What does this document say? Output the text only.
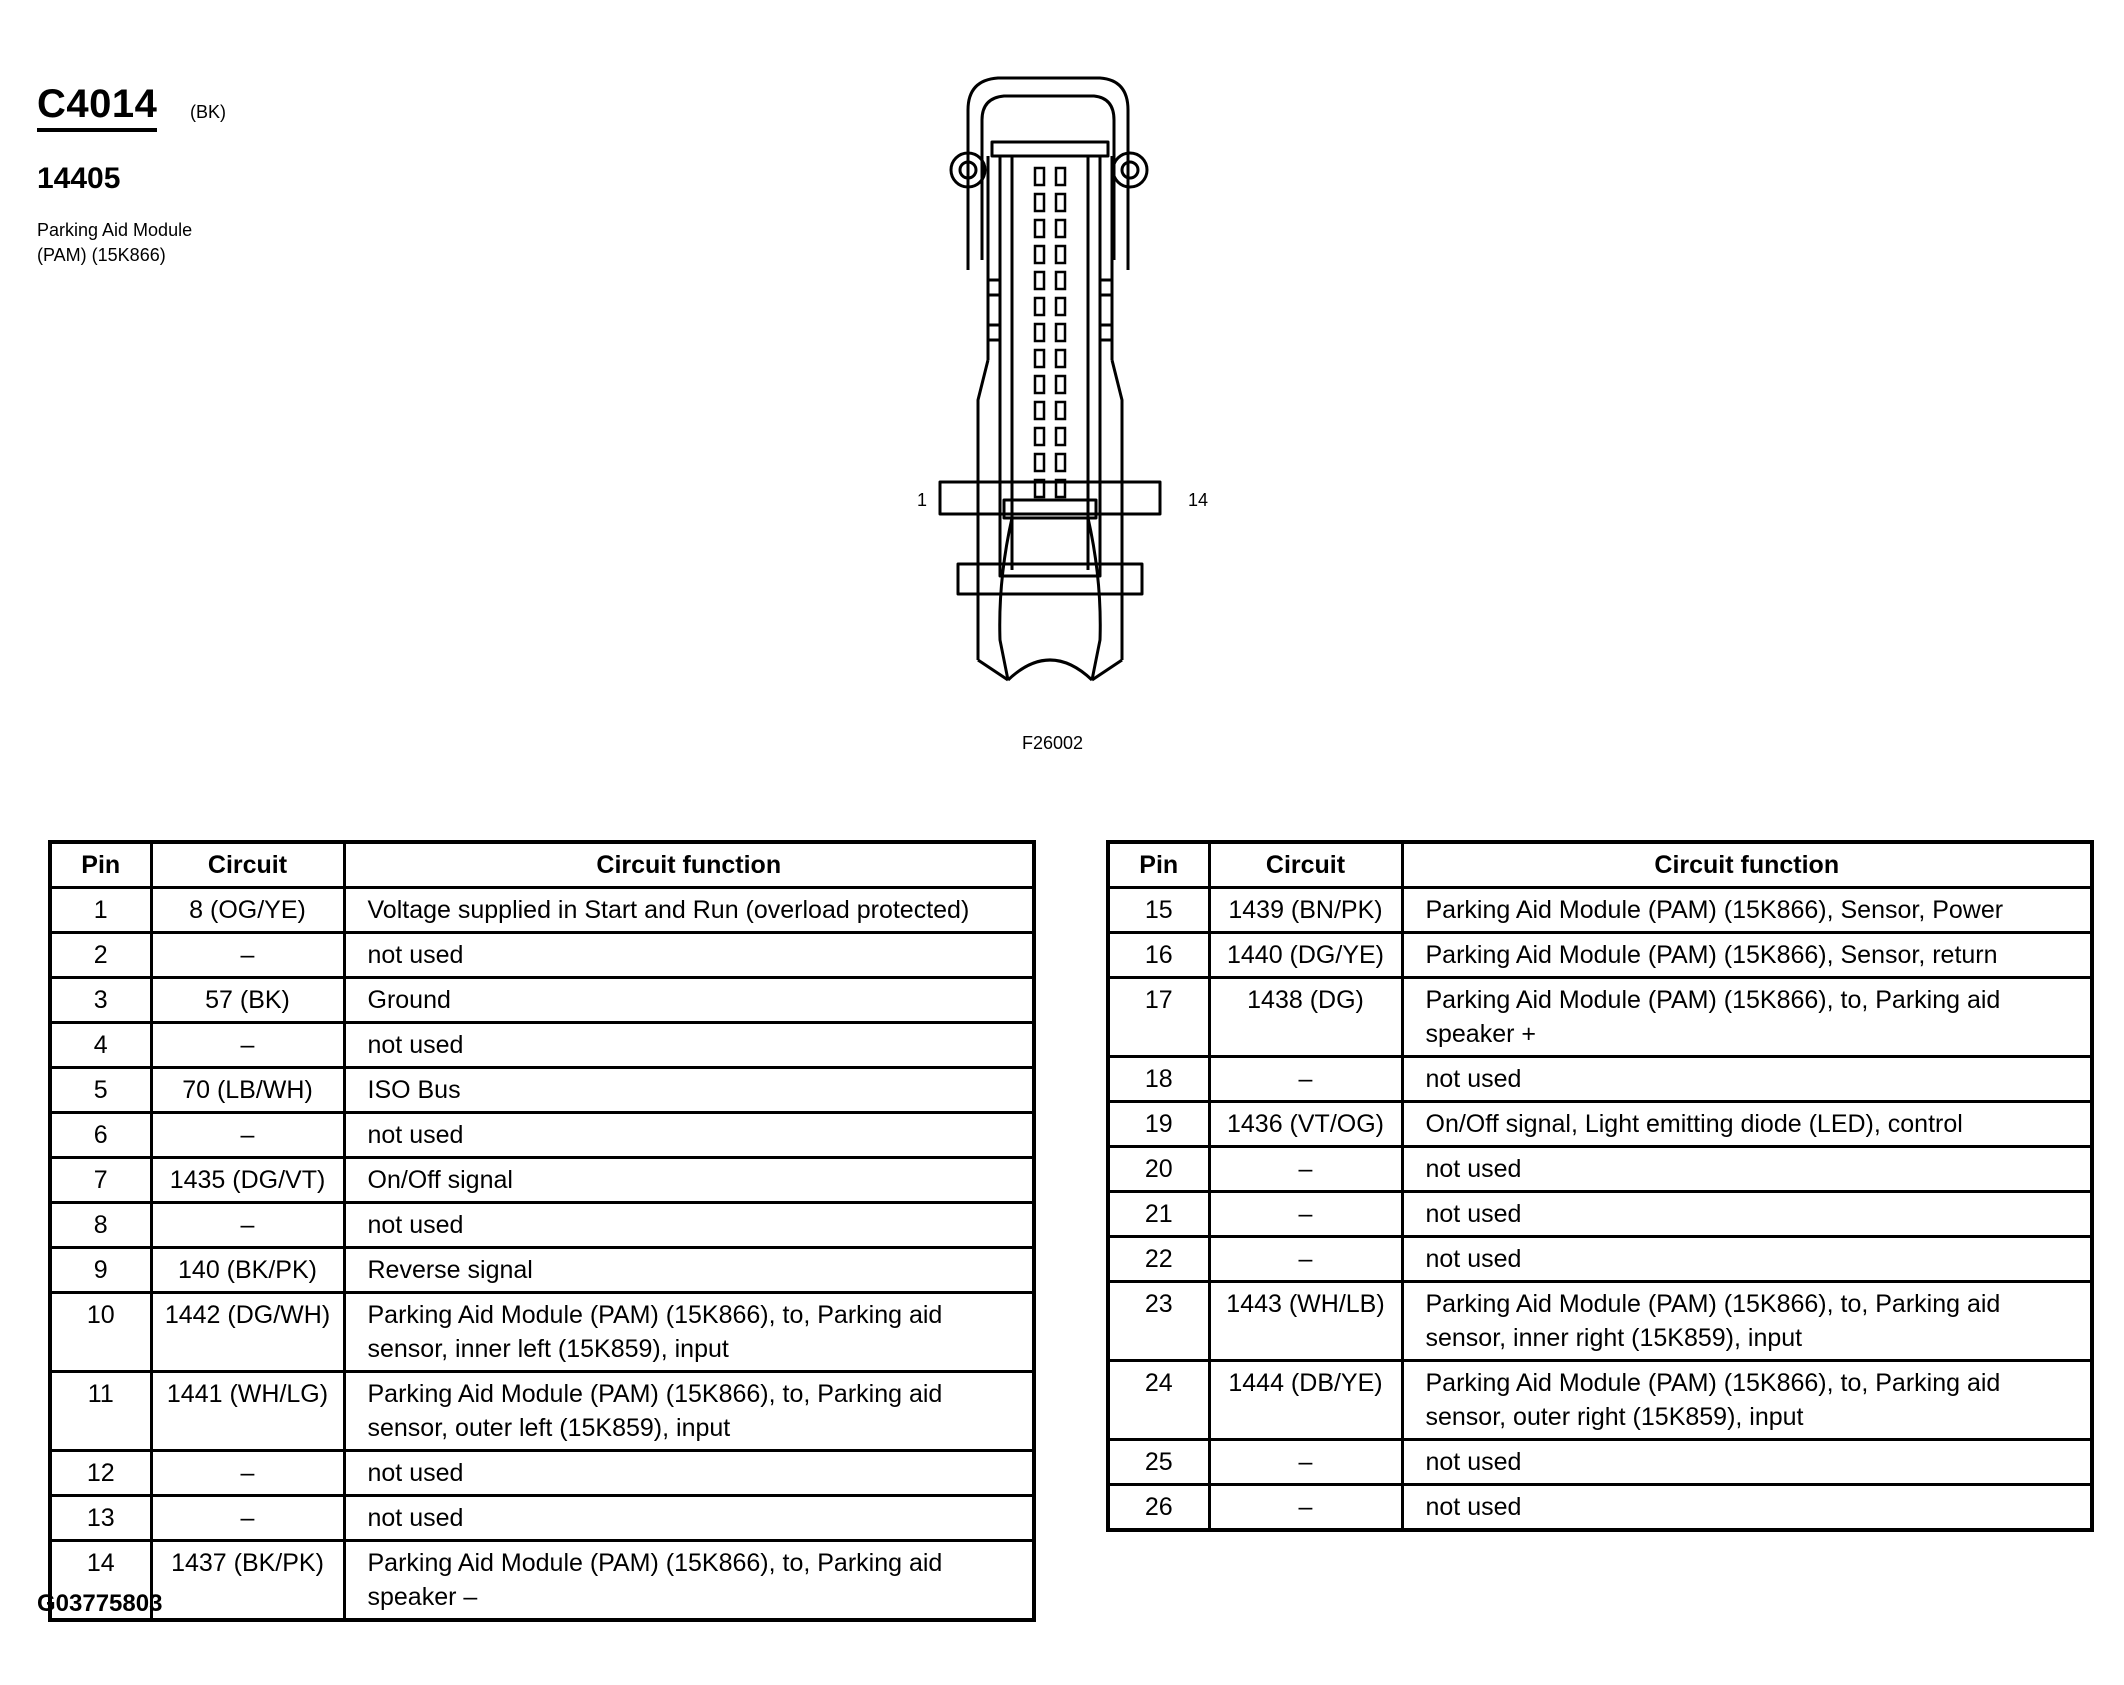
C4014 (BK)
14405
Parking Aid Module
(PAM) (15K866)
1	14
F26002
Pin	Circuit	Circuit function
1	8 (OG/YE)	Voltage supplied in Start and Run (overload protected)
2	–	not used
3	57 (BK)	Ground
4	–	not used
5	70 (LB/WH)	ISO Bus
6	–	not used
7	1435 (DG/VT)	On/Off signal
8	–	not used
9	140 (BK/PK)	Reverse signal
10	1442 (DG/WH)	Parking Aid Module (PAM) (15K866), to, Parking aid sensor, inner left (15K859), input
11	1441 (WH/LG)	Parking Aid Module (PAM) (15K866), to, Parking aid sensor, outer left (15K859), input
12	–	not used
13	–	not used
14	1437 (BK/PK)	Parking Aid Module (PAM) (15K866), to, Parking aid speaker –
Pin	Circuit	Circuit function
15	1439 (BN/PK)	Parking Aid Module (PAM) (15K866), Sensor, Power
16	1440 (DG/YE)	Parking Aid Module (PAM) (15K866), Sensor, return
17	1438 (DG)	Parking Aid Module (PAM) (15K866), to, Parking aid speaker +
18	–	not used
19	1436 (VT/OG)	On/Off signal, Light emitting diode (LED), control
20	–	not used
21	–	not used
22	–	not used
23	1443 (WH/LB)	Parking Aid Module (PAM) (15K866), to, Parking aid sensor, inner right (15K859), input
24	1444 (DB/YE)	Parking Aid Module (PAM) (15K866), to, Parking aid sensor, outer right (15K859), input
25	–	not used
26	–	not used
G03775803
